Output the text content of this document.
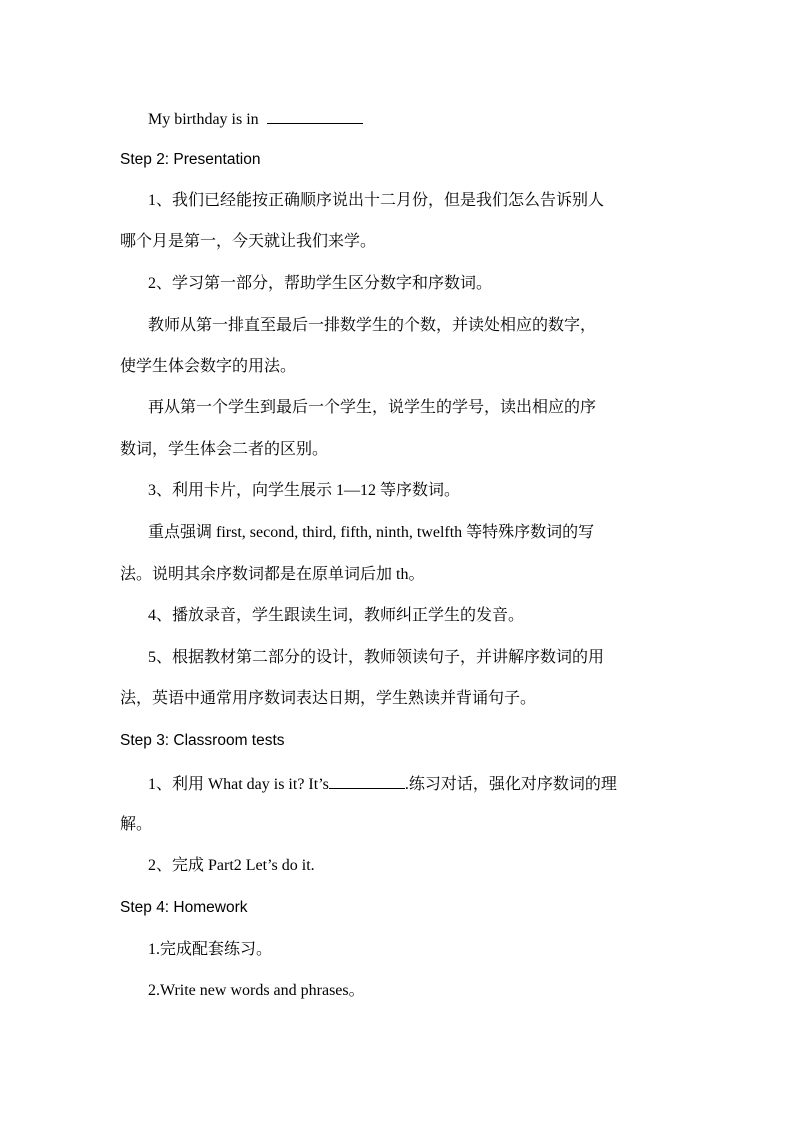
My birthday is in
Step 2: Presentation
1、我们已经能按正确顺序说出十二月份，但是我们怎么告诉别人
哪个月是第一，今天就让我们来学。
2、学习第一部分，帮助学生区分数字和序数词。
教师从第一排直至最后一排数学生的个数，并读处相应的数字，
使学生体会数字的用法。
再从第一个学生到最后一个学生，说学生的学号，读出相应的序
数词，学生体会二者的区别。
3、利用卡片，向学生展示 1—12 等序数词。
重点强调 first, second, third, fifth, ninth, twelfth 等特殊序数词的写
法。说明其余序数词都是在原单词后加 th。
4、播放录音，学生跟读生词，教师纠正学生的发音。
5、根据教材第二部分的设计，教师领读句子，并讲解序数词的用
法，英语中通常用序数词表达日期，学生熟读并背诵句子。
Step 3: Classroom tests
1、利用 What day is it? It’s	.练习对话，强化对序数词的理
解。
2、完成 Part2 Let’s do it.
Step 4: Homework
1.完成配套练习。
2.Write new words and phrases。
